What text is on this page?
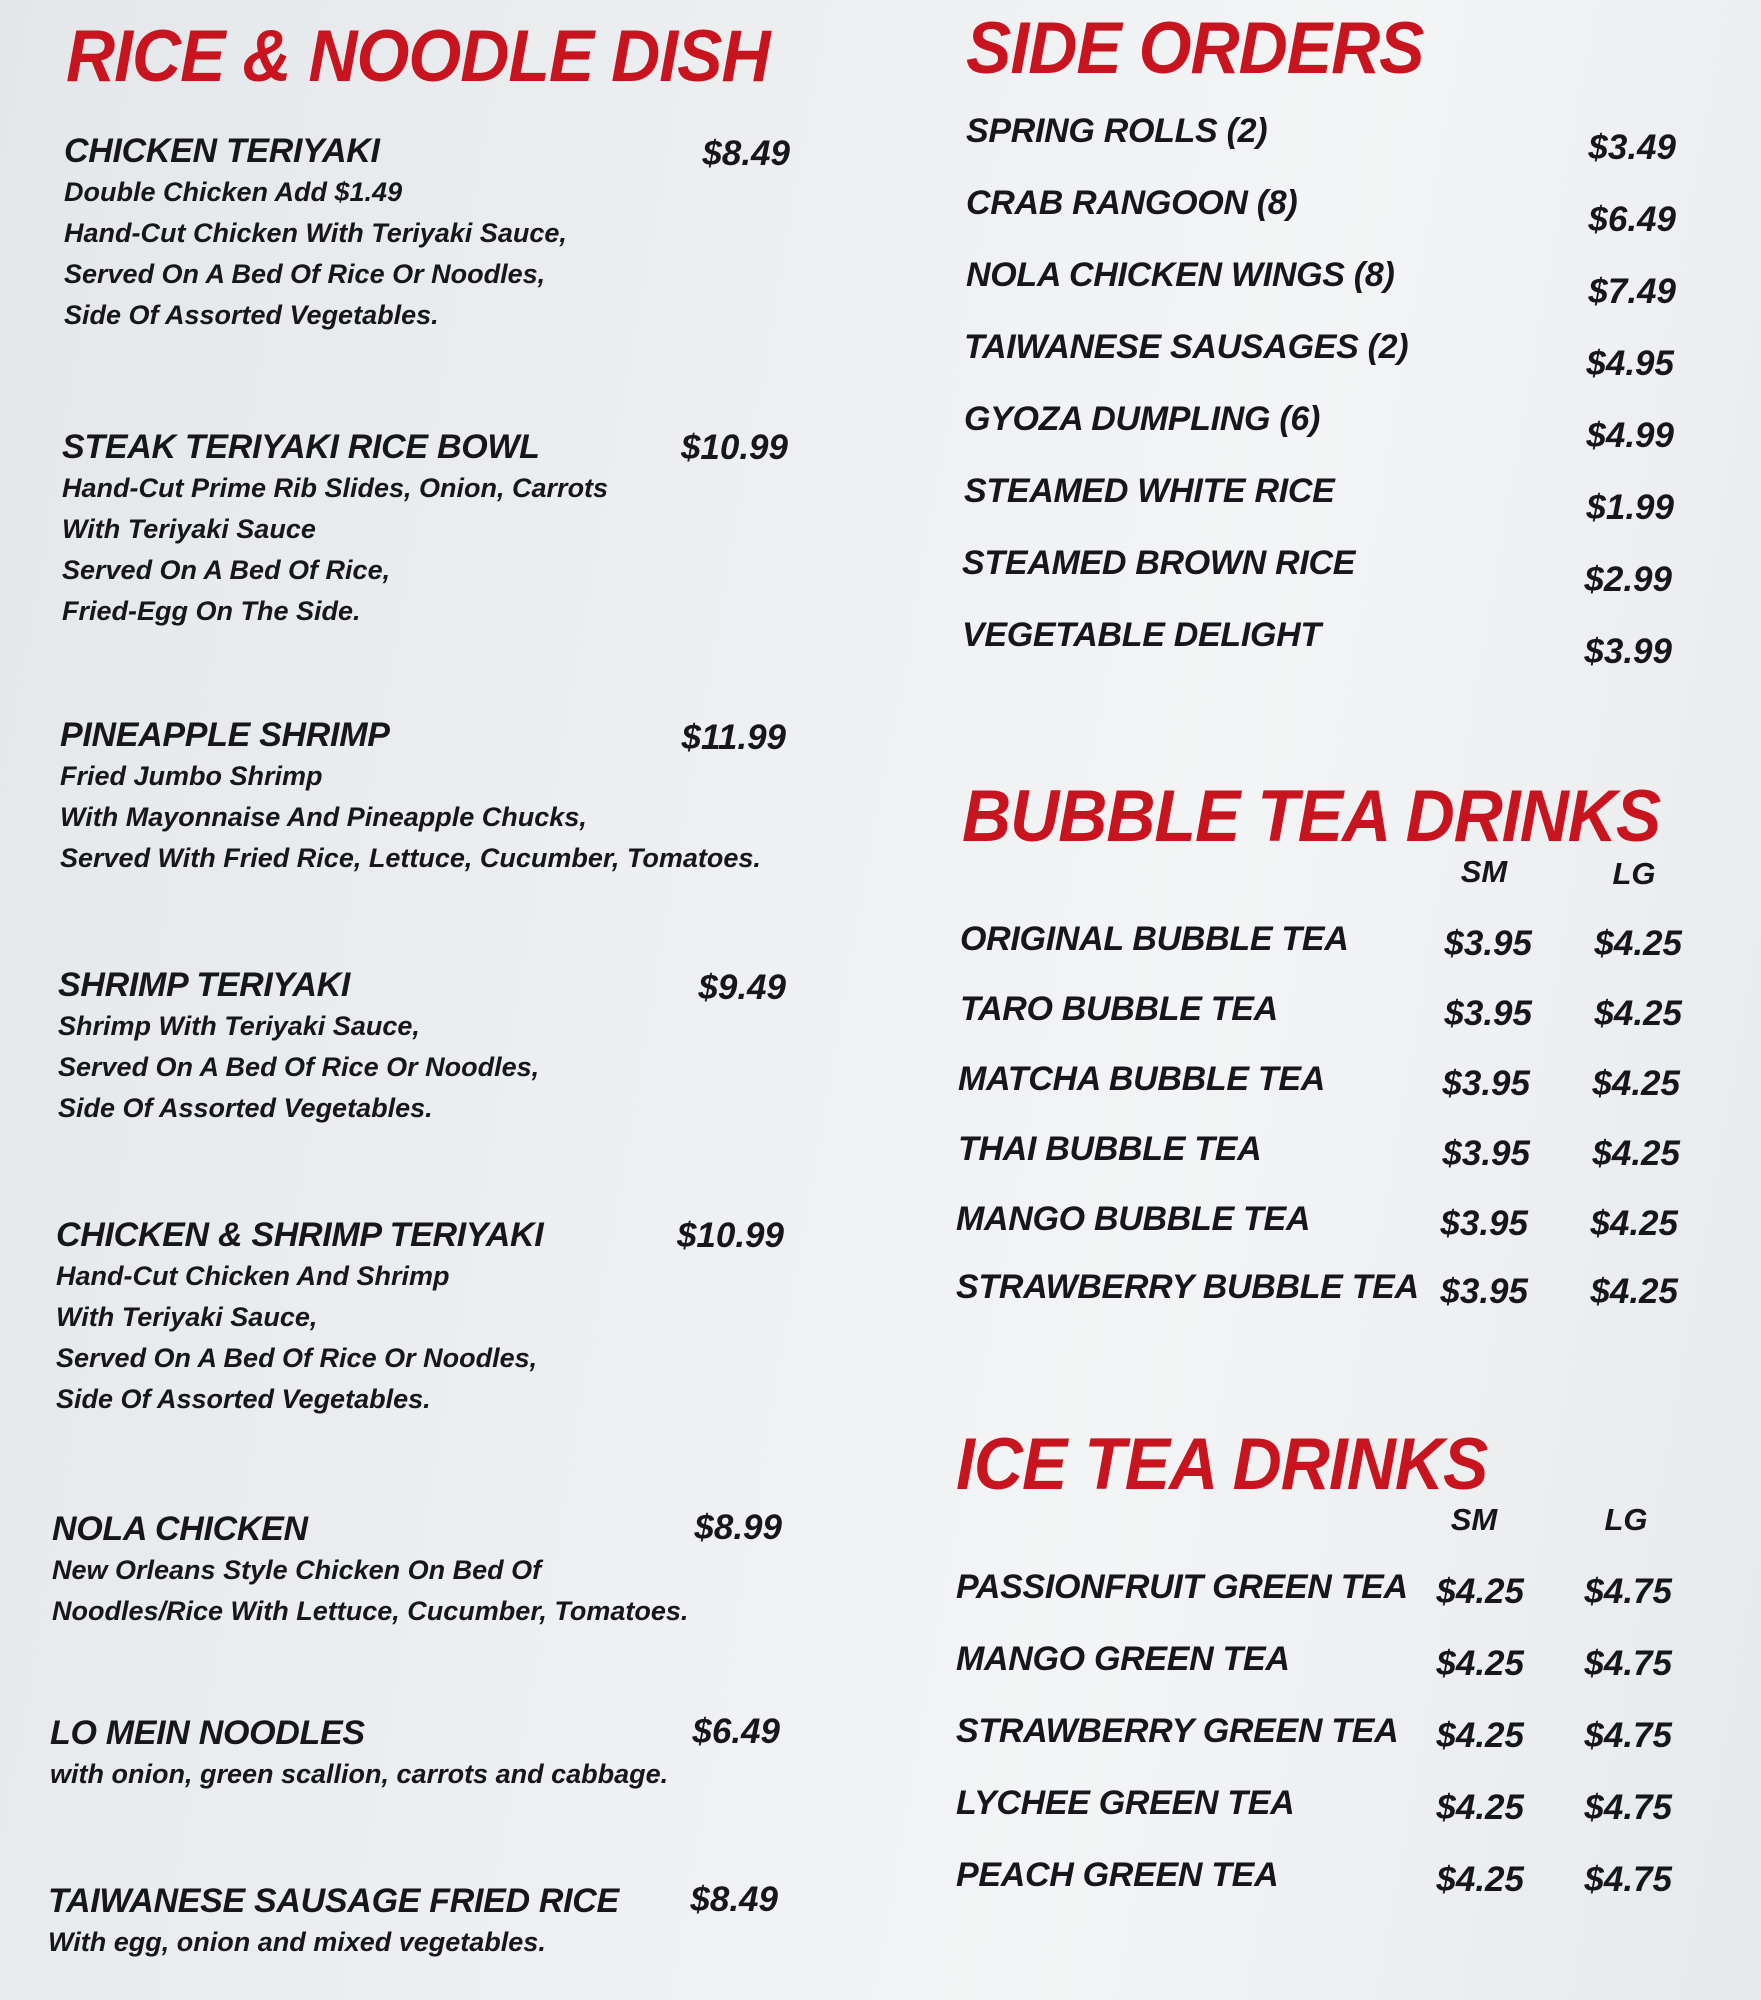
RICE & NOODLE DISH
CHICKEN TERIYAKI
Double Chicken Add $1.49
Hand-Cut Chicken With Teriyaki Sauce,
Served On A Bed Of Rice Or Noodles,
Side Of Assorted Vegetables.
$8.49
STEAK TERIYAKI RICE BOWL
Hand-Cut Prime Rib Slides, Onion, Carrots
With Teriyaki Sauce
Served On A Bed Of Rice,
Fried-Egg On The Side.
$10.99
PINEAPPLE SHRIMP
Fried Jumbo Shrimp
With Mayonnaise And Pineapple Chucks,
Served With Fried Rice, Lettuce, Cucumber, Tomatoes.
$11.99
SHRIMP TERIYAKI
Shrimp With Teriyaki Sauce,
Served On A Bed Of Rice Or Noodles,
Side Of Assorted Vegetables.
$9.49
CHICKEN & SHRIMP TERIYAKI
Hand-Cut Chicken And Shrimp
With Teriyaki Sauce,
Served On A Bed Of Rice Or Noodles,
Side Of Assorted Vegetables.
$10.99
NOLA CHICKEN
New Orleans Style Chicken On Bed Of
Noodles/Rice With Lettuce, Cucumber, Tomatoes.
$8.99
LO MEIN NOODLES
with onion, green scallion, carrots and cabbage.
$6.49
TAIWANESE SAUSAGE FRIED RICE
With egg, onion and mixed vegetables.
$8.49
SIDE ORDERS
SPRING ROLLS (2)	$3.49
CRAB RANGOON (8)	$6.49
NOLA CHICKEN WINGS (8)	$7.49
TAIWANESE SAUSAGES (2)	$4.95
GYOZA DUMPLING (6)	$4.99
STEAMED WHITE RICE	$1.99
STEAMED BROWN RICE	$2.99
VEGETABLE DELIGHT	$3.99
BUBBLE TEA DRINKS
SM	LG
ORIGINAL BUBBLE TEA	$3.95	$4.25
TARO BUBBLE TEA	$3.95	$4.25
MATCHA BUBBLE TEA	$3.95	$4.25
THAI BUBBLE TEA	$3.95	$4.25
MANGO BUBBLE TEA	$3.95	$4.25
STRAWBERRY BUBBLE TEA $3.95	$4.25
ICE TEA DRINKS
SM	LG
PASSIONFRUIT GREEN TEA $4.25	$4.75
MANGO GREEN TEA	$4.25	$4.75
STRAWBERRY GREEN TEA	$4.25	$4.75
LYCHEE GREEN TEA	$4.25	$4.75
PEACH GREEN TEA	$4.25	$4.75
